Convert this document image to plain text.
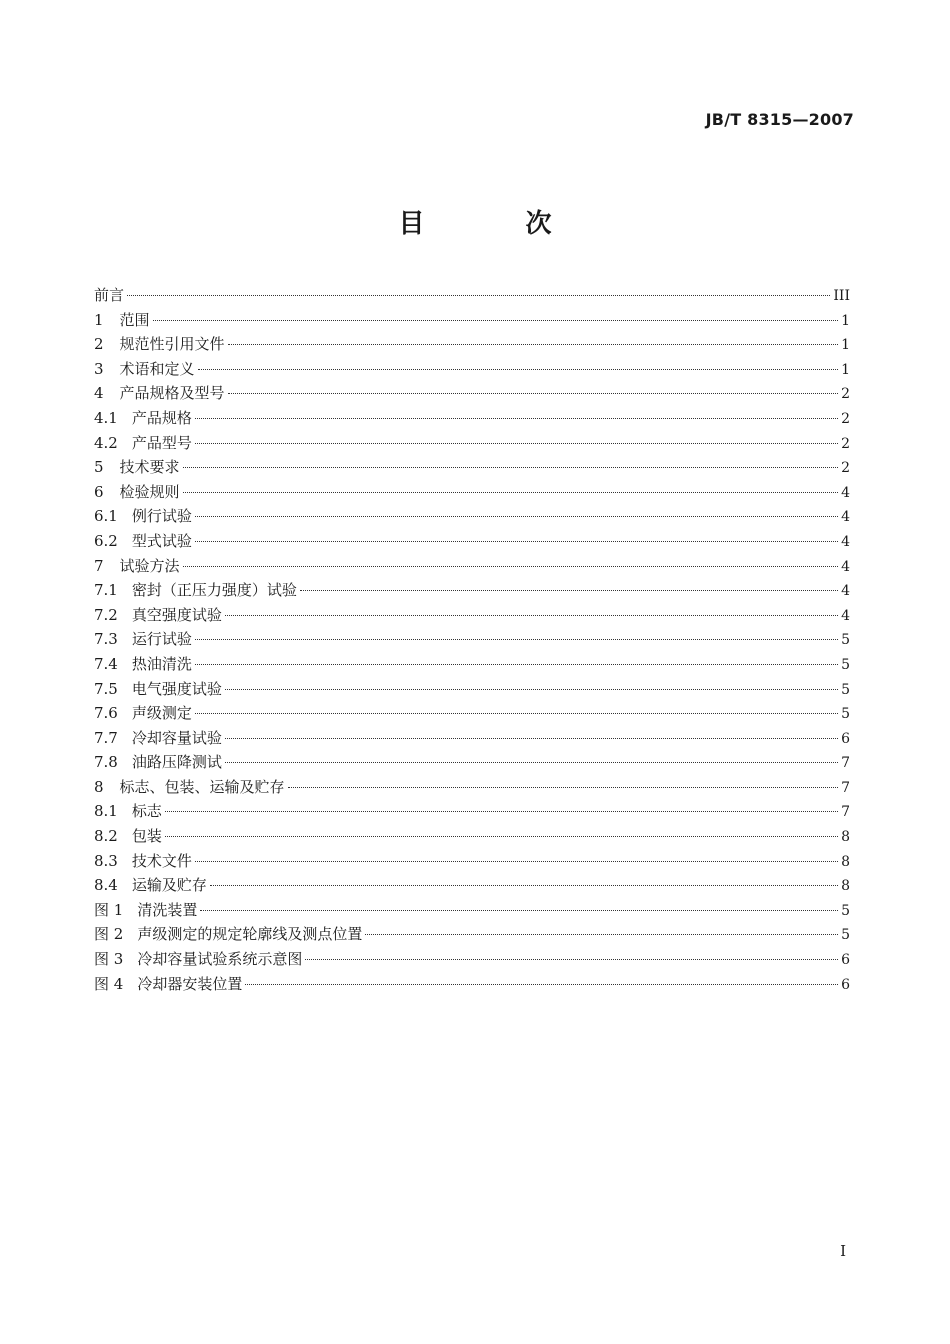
JB/T 8315—2007
目 次
前言	III
1	范围	1
2	规范性引用文件	1
3	术语和定义	1
4	产品规格及型号	2
4.1 产品规格	2
4.2 产品型号	2
5	技术要求	2
6	检验规则	4
6.1 例行试验	4
6.2 型式试验	4
7	试验方法	4
7.1 密封（正压力强度）试验	4
7.2 真空强度试验	4
7.3 运行试验	5
7.4 热油清洗	5
7.5 电气强度试验	5
7.6 声级测定	5
7.7 冷却容量试验	6
7.8 油路压降测试	7
8	标志、包装、运输及贮存	7
8.1 标志	7
8.2 包装	8
8.3 技术文件	8
8.4 运输及贮存	8
图 1 清洗装置	5
图 2 声级测定的规定轮廓线及测点位置	5
图 3 冷却容量试验系统示意图	6
图 4 冷却器安装位置	6
I
